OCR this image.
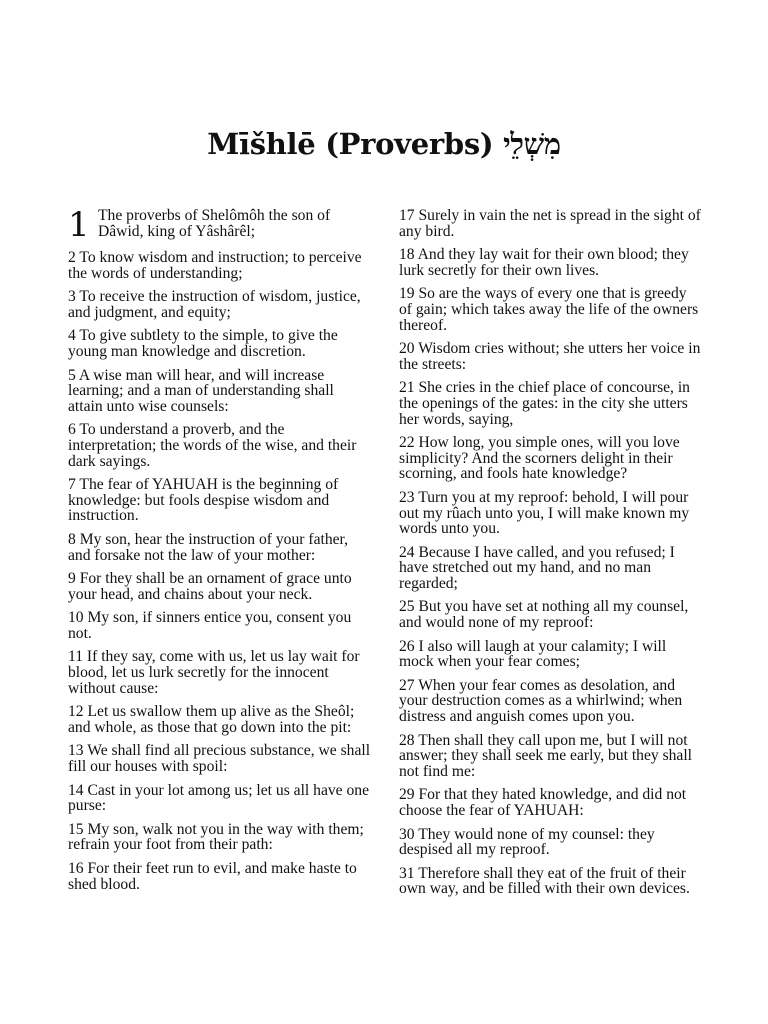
Mīšhlē (Proverbs) מִשְׁלֵי
1 The proverbs of Shelômôh the son of Dâwid, king of Yâshârêl;

2 To know wisdom and instruction; to perceive the words of understanding;

3 To receive the instruction of wisdom, justice, and judgment, and equity;

4 To give subtlety to the simple, to give the young man knowledge and discretion.

5 A wise man will hear, and will increase learning; and a man of understanding shall attain unto wise counsels:

6 To understand a proverb, and the interpretation; the words of the wise, and their dark sayings.

7 The fear of YAHUAH is the beginning of knowledge: but fools despise wisdom and instruction.

8 My son, hear the instruction of your father, and forsake not the law of your mother:

9 For they shall be an ornament of grace unto your head, and chains about your neck.

10 My son, if sinners entice you, consent you not.

11 If they say, come with us, let us lay wait for blood, let us lurk secretly for the innocent without cause:

12 Let us swallow them up alive as the Sheôl; and whole, as those that go down into the pit:

13 We shall find all precious substance, we shall fill our houses with spoil:

14 Cast in your lot among us; let us all have one purse:

15 My son, walk not you in the way with them; refrain your foot from their path:

16 For their feet run to evil, and make haste to shed blood.

17 Surely in vain the net is spread in the sight of any bird.

18 And they lay wait for their own blood; they lurk secretly for their own lives.

19 So are the ways of every one that is greedy of gain; which takes away the life of the owners thereof.

20 Wisdom cries without; she utters her voice in the streets:

21 She cries in the chief place of concourse, in the openings of the gates: in the city she utters her words, saying,

22 How long, you simple ones, will you love simplicity? And the scorners delight in their scorning, and fools hate knowledge?

23 Turn you at my reproof: behold, I will pour out my rûach unto you, I will make known my words unto you.

24 Because I have called, and you refused; I have stretched out my hand, and no man regarded;

25 But you have set at nothing all my counsel, and would none of my reproof:

26 I also will laugh at your calamity; I will mock when your fear comes;

27 When your fear comes as desolation, and your destruction comes as a whirlwind; when distress and anguish comes upon you.

28 Then shall they call upon me, but I will not answer; they shall seek me early, but they shall not find me:

29 For that they hated knowledge, and did not choose the fear of YAHUAH:

30 They would none of my counsel: they despised all my reproof.

31 Therefore shall they eat of the fruit of their own way, and be filled with their own devices.
